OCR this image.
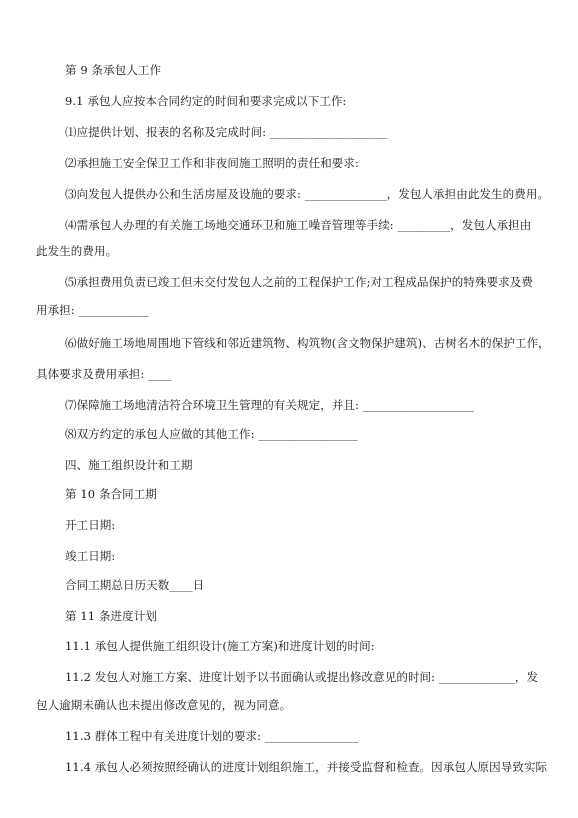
第 9 条承包人工作
9.1 承包人应按本合同约定的时间和要求完成以下工作:
⑴应提供计划、报表的名称及完成时间: ____________________
⑵承担施工安全保卫工作和非夜间施工照明的责任和要求:
⑶向发包人提供办公和生活房屋及设施的要求: ______________，发包人承担由此发生的费用。
⑷需承包人办理的有关施工场地交通环卫和施工噪音管理等手续: _________，发包人承担由
此发生的费用。
⑸承担费用负责已竣工但未交付发包人之前的工程保护工作;对工程成品保护的特殊要求及费
用承担: ____________
⑹做好施工场地周围地下管线和邻近建筑物、构筑物(含文物保护建筑)、古树名木的保护工作，
具体要求及费用承担: ____
⑺保障施工场地清洁符合环境卫生管理的有关规定，并且: ___________________
⑻双方约定的承包人应做的其他工作: _________________
四、施工组织设计和工期
第 10 条合同工期
开工日期:
竣工日期:
合同工期总日历天数____日
第 11 条进度计划
11.1 承包人提供施工组织设计(施工方案)和进度计划的时间:
11.2 发包人对施工方案、进度计划予以书面确认或提出修改意见的时间: _____________，发
包人逾期未确认也未提出修改意见的，视为同意。
11.3 群体工程中有关进度计划的要求: ________________
11.4 承包人必须按照经确认的进度计划组织施工，并接受监督和检查。因承包人原因导致实际
